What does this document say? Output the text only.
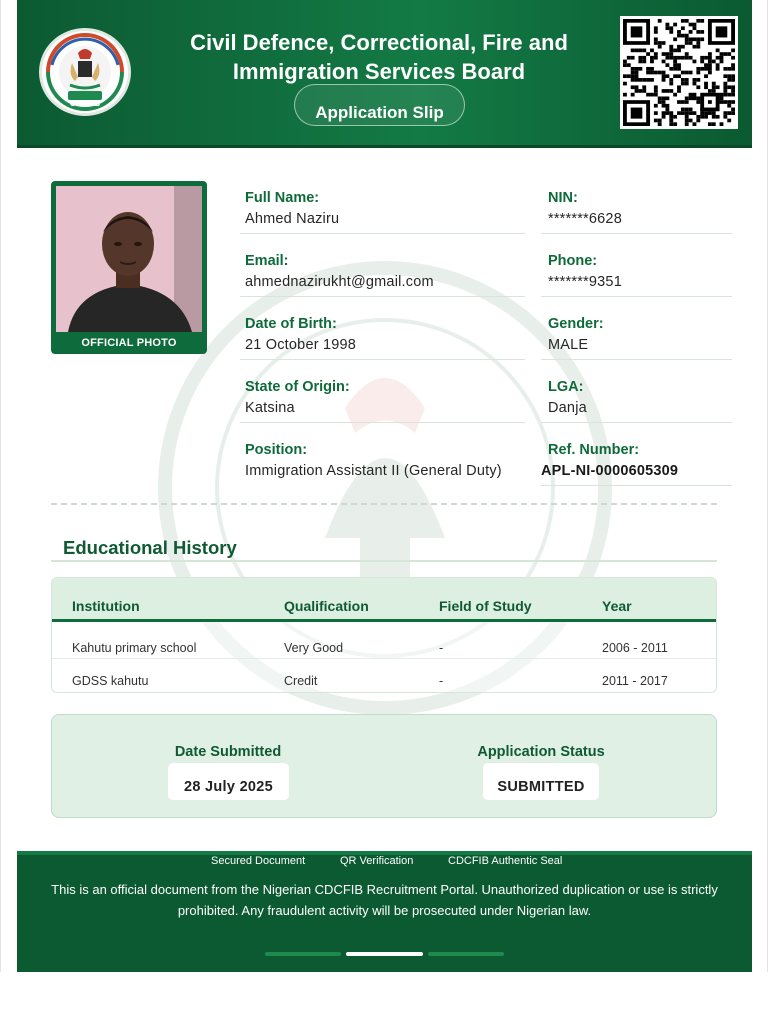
CDCFIB
Civil Defence, Correctional, Fire and Immigration Services Board
Application Slip
OFFICIAL PHOTO
Full Name:
Ahmed Naziru
NIN:
*******6628
Email:
ahmednazirukht@gmail.com
Phone:
*******9351
Date of Birth:
21 October 1998
Gender:
MALE
State of Origin:
Katsina
LGA:
Danja
Position:
Immigration Assistant II (General Duty)
Ref. Number:
APL-NI-0000605309
Educational History
Institution	Qualification	Field of Study	Year
Kahutu primary school	Very Good	-	2006 - 2011
GDSS kahutu	Credit	-	2011 - 2017
Date Submitted
28 July 2025
Application Status
SUBMITTED
This is an official document from the Nigerian CDCFIB Recruitment Portal. Unauthorized duplication or use is strictly prohibited. Any fraudulent activity will be prosecuted under Nigerian law.
Secured Document	QR Verification	CDCFIB Authentic Seal
